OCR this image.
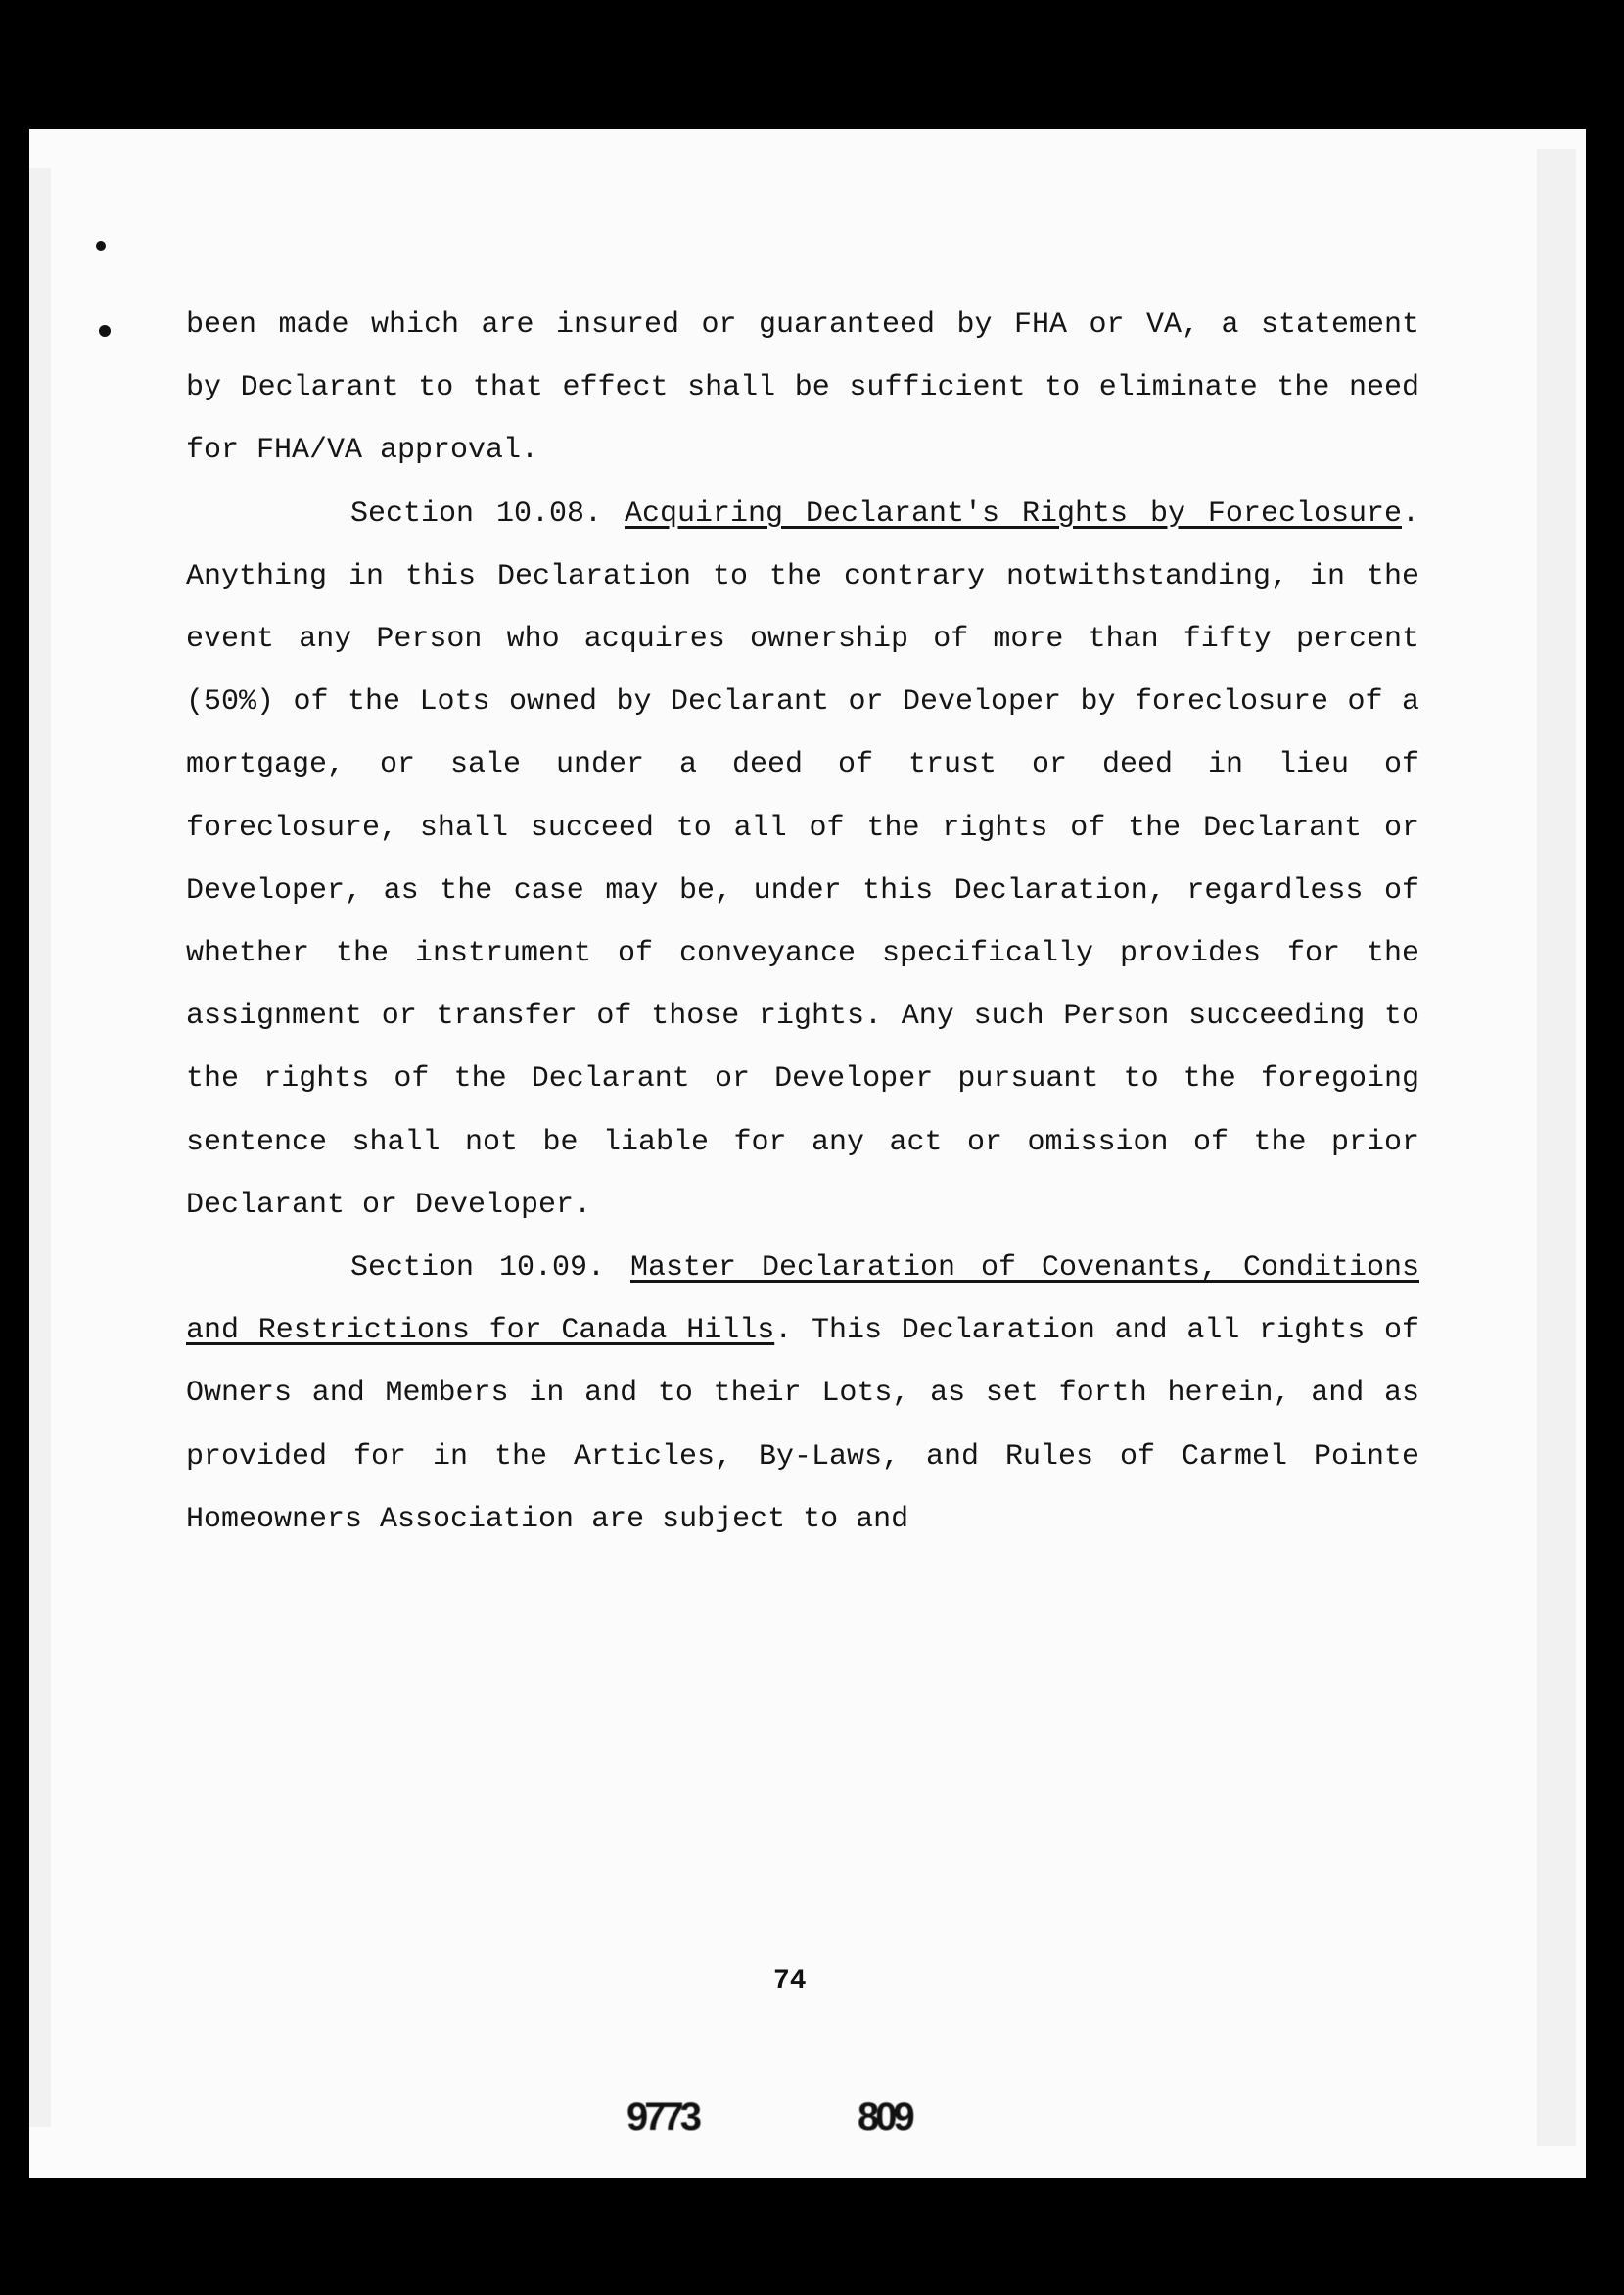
been made which are insured or guaranteed by FHA or VA, a statement by Declarant to that effect shall be sufficient to eliminate the need for FHA/VA approval.

Section 10.08. Acquiring Declarant's Rights by Foreclosure. Anything in this Declaration to the contrary notwithstanding, in the event any Person who acquires ownership of more than fifty percent (50%) of the Lots owned by Declarant or Developer by foreclosure of a mortgage, or sale under a deed of trust or deed in lieu of foreclosure, shall succeed to all of the rights of the Declarant or Developer, as the case may be, under this Declaration, regardless of whether the instrument of conveyance specifically provides for the assignment or transfer of those rights. Any such Person succeeding to the rights of the Declarant or Developer pursuant to the foregoing sentence shall not be liable for any act or omission of the prior Declarant or Developer.

Section 10.09. Master Declaration of Covenants, Conditions and Restrictions for Canada Hills. This Declaration and all rights of Owners and Members in and to their Lots, as set forth herein, and as provided for in the Articles, By-Laws, and Rules of Carmel Pointe Homeowners Association are subject to and

74
9773	809
